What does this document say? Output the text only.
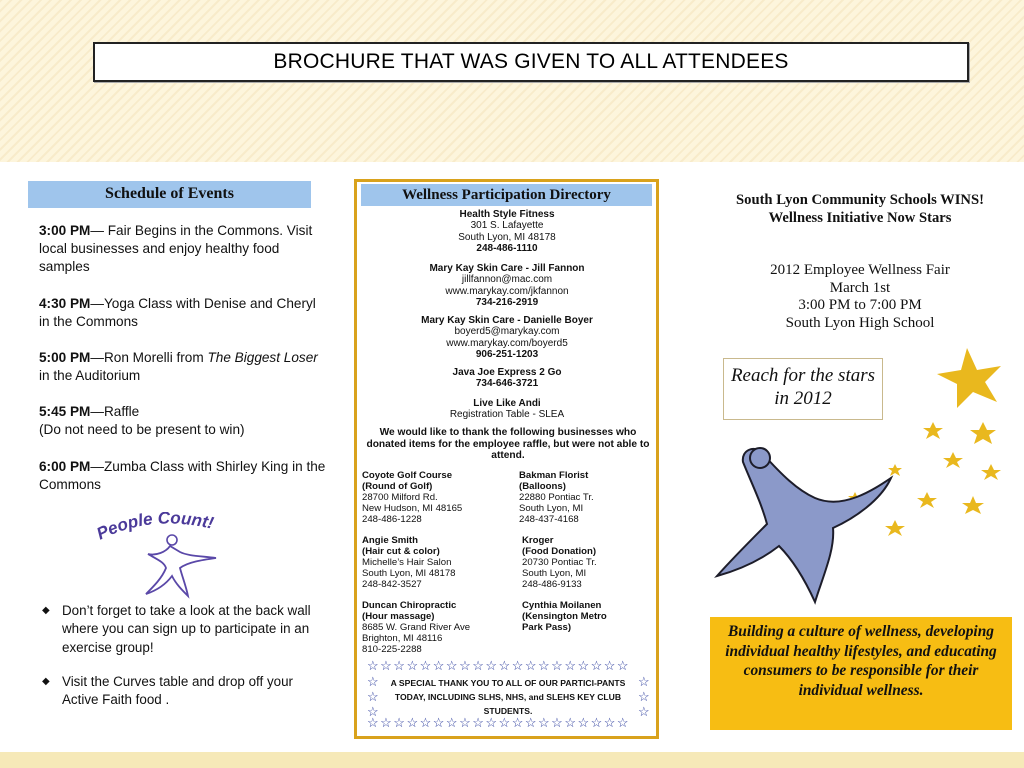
BROCHURE THAT WAS GIVEN TO ALL ATTENDEES
Schedule of Events
3:00 PM— Fair Begins in the Commons. Visit local businesses and enjoy healthy food samples
4:30 PM—Yoga Class with Denise and Cheryl in the Commons
5:00 PM—Ron Morelli from The Biggest Loser in the Auditorium
5:45 PM—Raffle
(Do not need to be present to win)
6:00 PM—Zumba Class with Shirley King in the Commons
People Count!
◆ Don’t forget to take a look at the back wall where you can sign up to participate in an exercise group!
◆ Visit the Curves table and drop off your Active Faith food .
Wellness Participation Directory
Health Style Fitness
301 S. Lafayette
South Lyon, MI 48178
248-486-1110
Mary Kay Skin Care - Jill Fannon
jillfannon@mac.com
www.marykay.com/jkfannon
734-216-2919
Mary Kay Skin Care - Danielle Boyer
boyerd5@marykay.com
www.marykay.com/boyerd5
906-251-1203
Java Joe Express 2 Go
734-646-3721
Live Like Andi
Registration Table - SLEA
We would like to thank the following businesses who donated items for the employee raffle, but were not able to attend.
Coyote Golf Course
(Round of Golf)
28700 Milford Rd.
New Hudson, MI 48165
248-486-1228
Bakman Florist
(Balloons)
22880 Pontiac Tr.
South Lyon, MI
248-437-4168
Angie Smith
(Hair cut & color)
Michelle’s Hair Salon
South Lyon, MI 48178
248-842-3527
Kroger
(Food Donation)
20730 Pontiac Tr.
South Lyon, MI
248-486-9133
Duncan Chiropractic
(Hour massage)
8685 W. Grand River Ave
Brighton, MI 48116
810-225-2288
Cynthia Moilanen
(Kensington Metro
Park Pass)
☆☆☆☆☆☆☆☆☆☆☆☆☆☆☆☆☆☆☆☆
☆
☆
☆
☆
☆
☆
A SPECIAL THANK YOU TO ALL OF OUR PARTICI-PANTS TODAY, INCLUDING SLHS, NHS, and SLEHS KEY CLUB STUDENTS.
☆☆☆☆☆☆☆☆☆☆☆☆☆☆☆☆☆☆☆☆
South Lyon Community Schools WINS! Wellness Initiative Now Stars
2012 Employee Wellness Fair
March 1st
3:00 PM to 7:00 PM
South Lyon High School
Reach for the stars in 2012
Building a culture of wellness, developing individual healthy lifestyles, and educating consumers to be responsible for their individual wellness.
